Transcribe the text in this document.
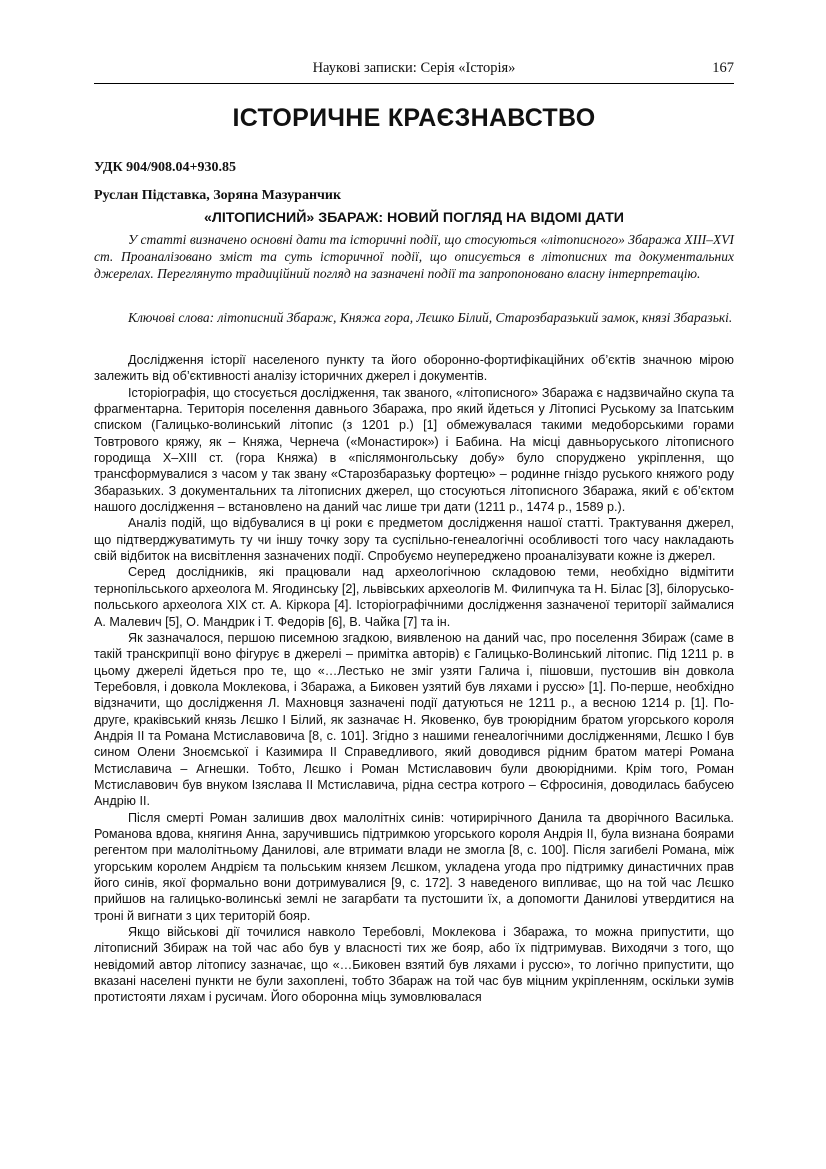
Наукові записки: Серія «Історія»	167
ІСТОРИЧНЕ КРАЄЗНАВСТВО
УДК 904/908.04+930.85
Руслан Підставка, Зоряна Мазуранчик
«ЛІТОПИСНИЙ» ЗБАРАЖ: НОВИЙ ПОГЛЯД НА ВІДОМІ ДАТИ

У статті визначено основні дати та історичні події, що стосуються «літописного» Збаража XIII–XVI ст. Проаналізовано зміст та суть історичної події, що описується в літописних та документальних джерелах. Переглянуто традиційний погляд на зазначені події та запропоновано власну інтерпретацію.

Ключові слова: літописний Збараж, Княжа гора, Лєшко Білий, Старозбаразький замок, князі Збаразькі.

Дослідження історії населеного пункту та його оборонно-фортифікаційних об’єктів значною мірою залежить від об’єктивності аналізу історичних джерел і документів.

Історіографія, що стосується дослідження, так званого, «літописного» Збаража є надзвичайно скупа та фрагментарна. Територія поселення давнього Збаража, про який йдеться у Літописі Руському за Іпатським списком (Галицько-волинський літопис (з 1201 р.) [1] обмежувалася такими медоборськими горами Товтрового кряжу, як – Княжа, Чернеча («Монастирок») і Бабина. На місці давньоруського літописного городища X–XIII ст. (гора Княжа) в «післямонгольську добу» було споруджено укріплення, що трансформувалися з часом у так звану «Старозбаразьку фортецю» – родинне гніздо руського княжого роду Збаразьких. З документальних та літописних джерел, що стосуються літописного Збаража, який є об’єктом нашого дослідження – встановлено на даний час лише три дати (1211 р., 1474 р., 1589 р.).

Аналіз подій, що відбувалися в ці роки є предметом дослідження нашої статті. Трактування джерел, що підтверджуватимуть ту чи іншу точку зору та суспільно-генеалогічні особливості того часу накладають свій відбиток на висвітлення зазначених події. Спробуємо неупереджено проаналізувати кожне із джерел.

Серед дослідників, які працювали над археологічною складовою теми, необхідно відмітити тернопільського археолога М. Ягодинську [2], львівських археологів М. Филипчука та Н. Білас [3], білорусько-польського археолога XIX ст. А. Кіркора [4]. Історіографічними дослідження зазначеної території займалися А. Малевич [5], О. Мандрик і Т. Федорів [6], В. Чайка [7] та ін.

Як зазначалося, першою писемною згадкою, виявленою на даний час, про поселення Збираж (саме в такій транскрипції воно фігурує в джерелі – примітка авторів) є Галицько-Волинський літопис. Під 1211 р. в цьому джерелі йдеться про те, що «…Лестько не зміг узяти Галича і, пішовши, пустошив він довкола Теребовля, і довкола Моклекова, і Збаража, а Биковен узятий був ляхами і руссю» [1]. По-перше, необхідно відзначити, що дослідження Л. Махновця зазначені події датуються не 1211 р., а весною 1214 р. [1]. По-друге, краківський князь Лєшко І Білий, як зазначає Н. Яковенко, був троюрідним братом угорського короля Андрія ІІ та Романа Мстиславовича [8, с. 101]. Згідно з нашими генеалогічними дослідженнями, Лєшко І був сином Олени Зноємської і Казимира ІІ Справедливого, який доводився рідним братом матері Романа Мстиславича – Агнешки. Тобто, Лєшко і Роман Мстиславович були двоюрідними. Крім того, Роман Мстиславович був внуком Ізяслава ІІ Мстиславича, рідна сестра котрого – Єфросинія, доводилась бабусею Андрію ІІ.

Після смерті Роман залишив двох малолітніх синів: чотирирічного Данила та дворічного Василька. Романова вдова, княгиня Анна, заручившись підтримкою угорського короля Андрія ІІ, була визнана боярами регентом при малолітньому Данилові, але втримати влади не змогла [8, с. 100]. Після загибелі Романа, між угорським королем Андрієм та польським князем Лєшком, укладена угода про підтримку династичних прав його синів, якої формально вони дотримувалися [9, с. 172]. З наведеного випливає, що на той час Лєшко прийшов на галицько-волинські землі не загарбати та пустошити їх, а допомогти Данилові утвердитися на троні й вигнати з цих територій бояр.

Якщо військові дії точилися навколо Теребовлі, Моклекова і Збаража, то можна припустити, що літописний Збираж на той час або був у власності тих же бояр, або їх підтримував. Виходячи з того, що невідомий автор літопису зазначає, що «…Биковен взятий був ляхами і руссю», то логічно припустити, що вказані населені пункти не були захоплені, тобто Збараж на той час був міцним укріпленням, оскільки зумів протистояти ляхам і русичам. Його оборонна міць зумовлювалася
